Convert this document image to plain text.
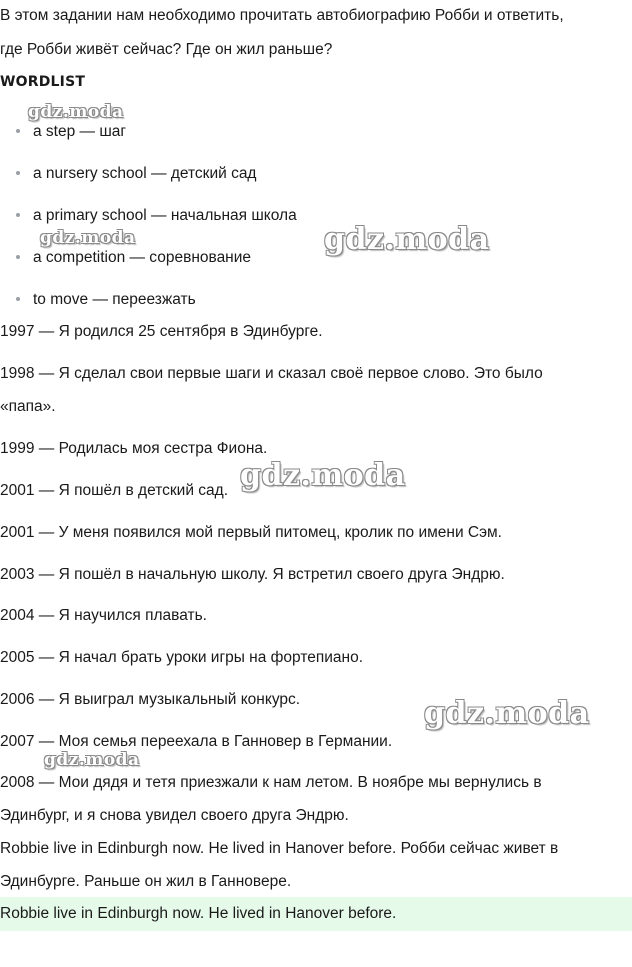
В этом задании нам необходимо прочитать автобиографию Робби и ответить,

где Робби живёт сейчас? Где он жил раньше?

WORDLIST
a step — шаг
a nursery school — детский сад
a primary school — начальная школа
a competition — соревнование
to move — переезжать

1997 — Я родился 25 сентября в Эдинбурге.

1998 — Я сделал свои первые шаги и сказал своё первое слово. Это было

«папа».

1999 — Родилась моя сестра Фиона.

2001 — Я пошёл в детский сад.

2001 — У меня появился мой первый питомец, кролик по имени Сэм.

2003 — Я пошёл в начальную школу. Я встретил своего друга Эндрю.

2004 — Я научился плавать.

2005 — Я начал брать уроки игры на фортепиано.

2006 — Я выиграл музыкальный конкурс.

2007 — Моя семья переехала в Ганновер в Германии.

2008 — Мои дядя и тетя приезжали к нам летом. В ноябре мы вернулись в

Эдинбург, и я снова увидел своего друга Эндрю.

Robbie live in Edinburgh now. He lived in Hanover before. Робби сейчас живет в

Эдинбурге. Раньше он жил в Ганновере.

Robbie live in Edinburgh now. He lived in Hanover before.
gdz.moda
gdz.moda	gdz.moda
gdz.moda
gdz.moda
gdz.moda
